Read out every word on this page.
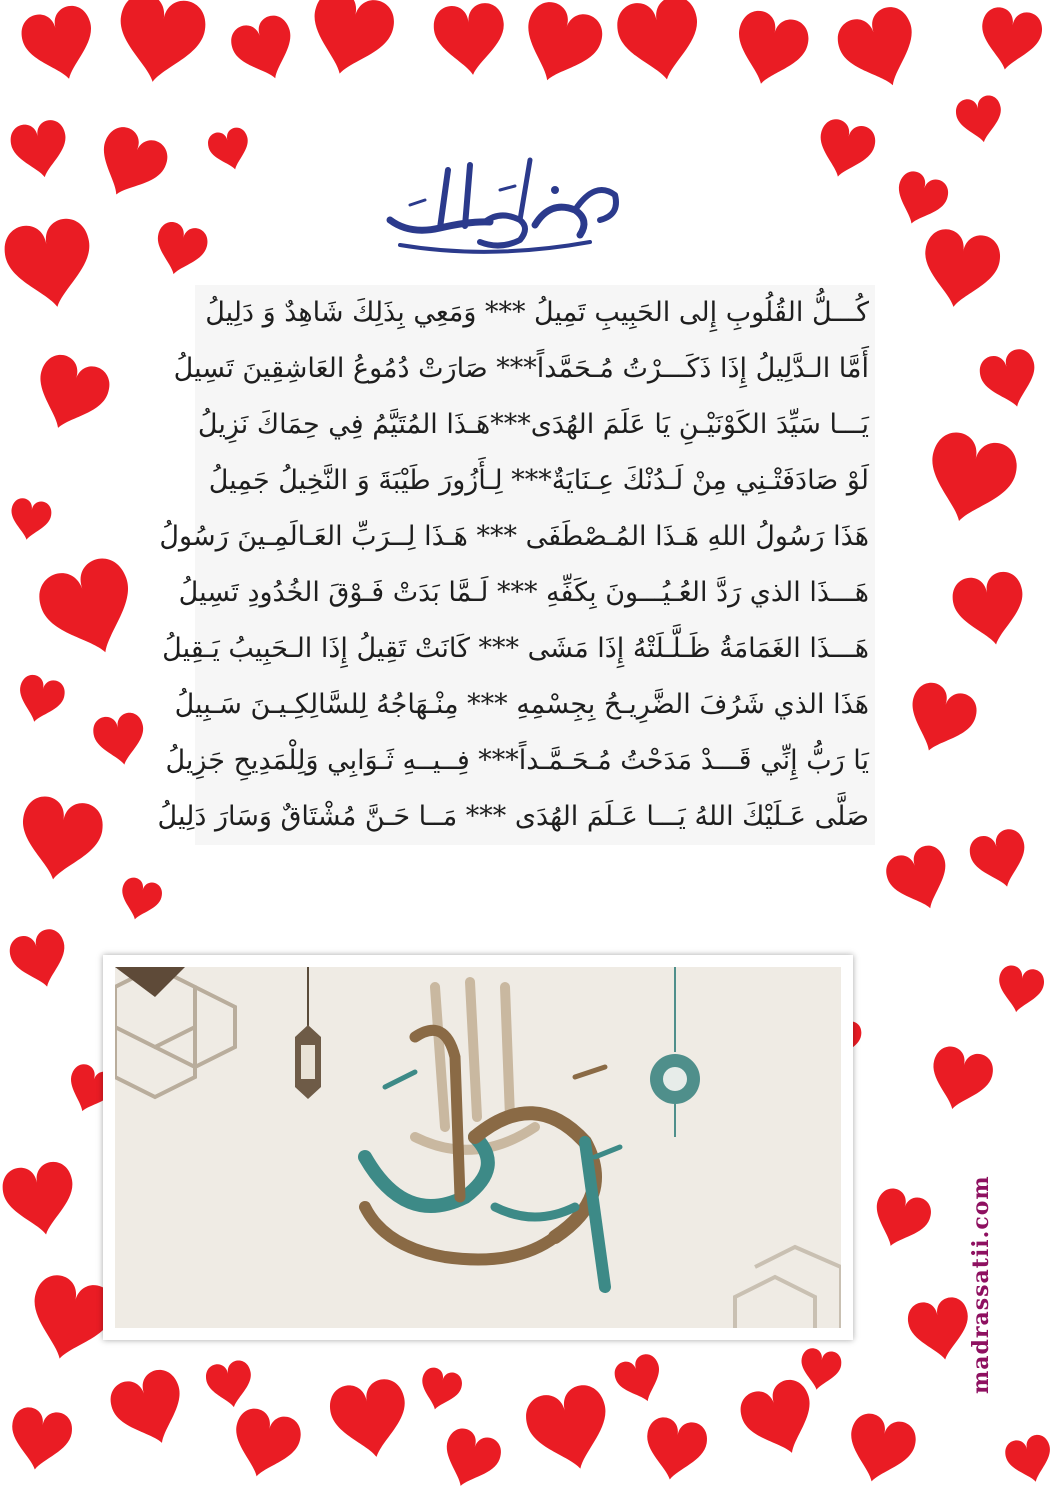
كُـــلُّ القُلُوبِ إِلى الحَبِيبِ تَمِيلُ *** وَمَعِي بِذَلِكَ شَاهِدٌ وَ دَلِيلُ

أَمَّا الـدَّلِيلُ إِذَا ذَكَـــرْتُ مُـحَمَّداً*** صَارَتْ دُمُوعُ العَاشِقِينَ تَسِيلُ

يَـــا سَيِّدَ الكَوْنَيْـنِ يَا عَلَمَ الهُدَى***هَـذَا المُتَيَّمُ فِي حِمَاكَ نَزِيلُ

لَوْ صَادَفَتْـنِي مِنْ لَـدُنْكَ عِـنَايَةٌ*** لِـأَزُورَ طَيْبَةَ وَ النَّخِيلُ جَمِيلُ

هَذَا رَسُولُ اللهِ هَـذَا المُـصْطَفَى *** هَـذَا لِــرَبِّ العَـالَمِـينَ رَسُولُ

هَـــذَا الذي رَدَّ العُـيُـــونَ بِكَفِّهِ *** لَـمَّا بَدَتْ فَـوْقَ الخُدُودِ تَسِيلُ

هَـــذَا الغَمَامَةُ ظَـلَّـلَتْهُ إِذَا مَشَى *** كَانَتْ تَقِيلُ إِذَا الـحَبِيبُ يَـقِيلُ

هَذَا الذي شَرُفَ الضَّرِيـحُ بِجِسْمِهِ *** مِنْـهَاجُهُ لِلسَّالِكِـيـنَ سَـبِيلُ

يَا رَبُّ إِنِّي قَـــدْ مَدَحْتُ مُـحَـمَّـداً*** فِــيــهِ ثَـوَابِي وَلِلْمَدِيحِ جَزِيلُ

صَلَّى عَـلَيْكَ اللهُ يَـــا عَـلَمَ الهُدَى *** مَــا حَـنَّ مُشْتَاقٌ وَسَارَ دَلِيلُ

madrassatii.com
